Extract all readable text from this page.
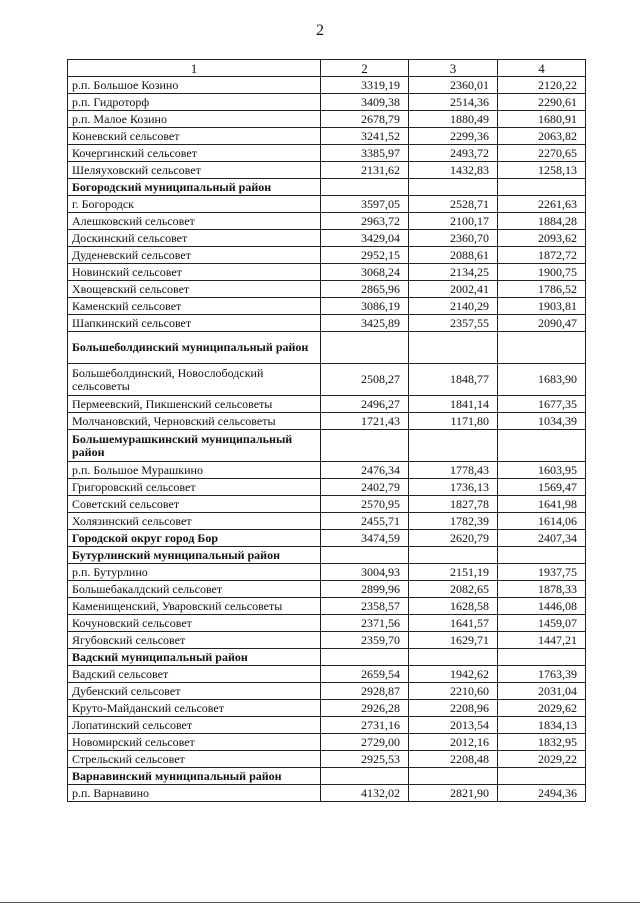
2
1	2	3	4
р.п. Большое Козино	3319,19	2360,01	2120,22
р.п. Гидроторф	3409,38	2514,36	2290,61
р.п. Малое Козино	2678,79	1880,49	1680,91
Коневский сельсовет	3241,52	2299,36	2063,82
Кочергинский сельсовет	3385,97	2493,72	2270,65
Шеляуховский сельсовет	2131,62	1432,83	1258,13
Богородский муниципальный район			
г. Богородск	3597,05	2528,71	2261,63
Алешковский сельсовет	2963,72	2100,17	1884,28
Доскинский сельсовет	3429,04	2360,70	2093,62
Дуденевский сельсовет	2952,15	2088,61	1872,72
Новинский сельсовет	3068,24	2134,25	1900,75
Хвощевский сельсовет	2865,96	2002,41	1786,52
Каменский сельсовет	3086,19	2140,29	1903,81
Шапкинский сельсовет	3425,89	2357,55	2090,47
Большеболдинский муниципальный район			
Большеболдинский, Новослободский сельсоветы	2508,27	1848,77	1683,90
Пермеевский, Пикшенский сельсоветы	2496,27	1841,14	1677,35
Молчановский, Черновский сельсоветы	1721,43	1171,80	1034,39
Большемурашкинский муниципальный район			
р.п. Большое Мурашкино	2476,34	1778,43	1603,95
Григоровский сельсовет	2402,79	1736,13	1569,47
Советский сельсовет	2570,95	1827,78	1641,98
Холязинский сельсовет	2455,71	1782,39	1614,06
Городской округ город Бор	3474,59	2620,79	2407,34
Бутурлинский муниципальный район			
р.п. Бутурлино	3004,93	2151,19	1937,75
Большебакалдский сельсовет	2899,96	2082,65	1878,33
Каменищенский, Уваровский сельсоветы	2358,57	1628,58	1446,08
Кочуновский сельсовет	2371,56	1641,57	1459,07
Ягубовский сельсовет	2359,70	1629,71	1447,21
Вадский муниципальный район			
Вадский сельсовет	2659,54	1942,62	1763,39
Дубенский сельсовет	2928,87	2210,60	2031,04
Круто-Майданский сельсовет	2926,28	2208,96	2029,62
Лопатинский сельсовет	2731,16	2013,54	1834,13
Новомирский сельсовет	2729,00	2012,16	1832,95
Стрельский сельсовет	2925,53	2208,48	2029,22
Варнавинский муниципальный район			
р.п. Варнавино	4132,02	2821,90	2494,36
